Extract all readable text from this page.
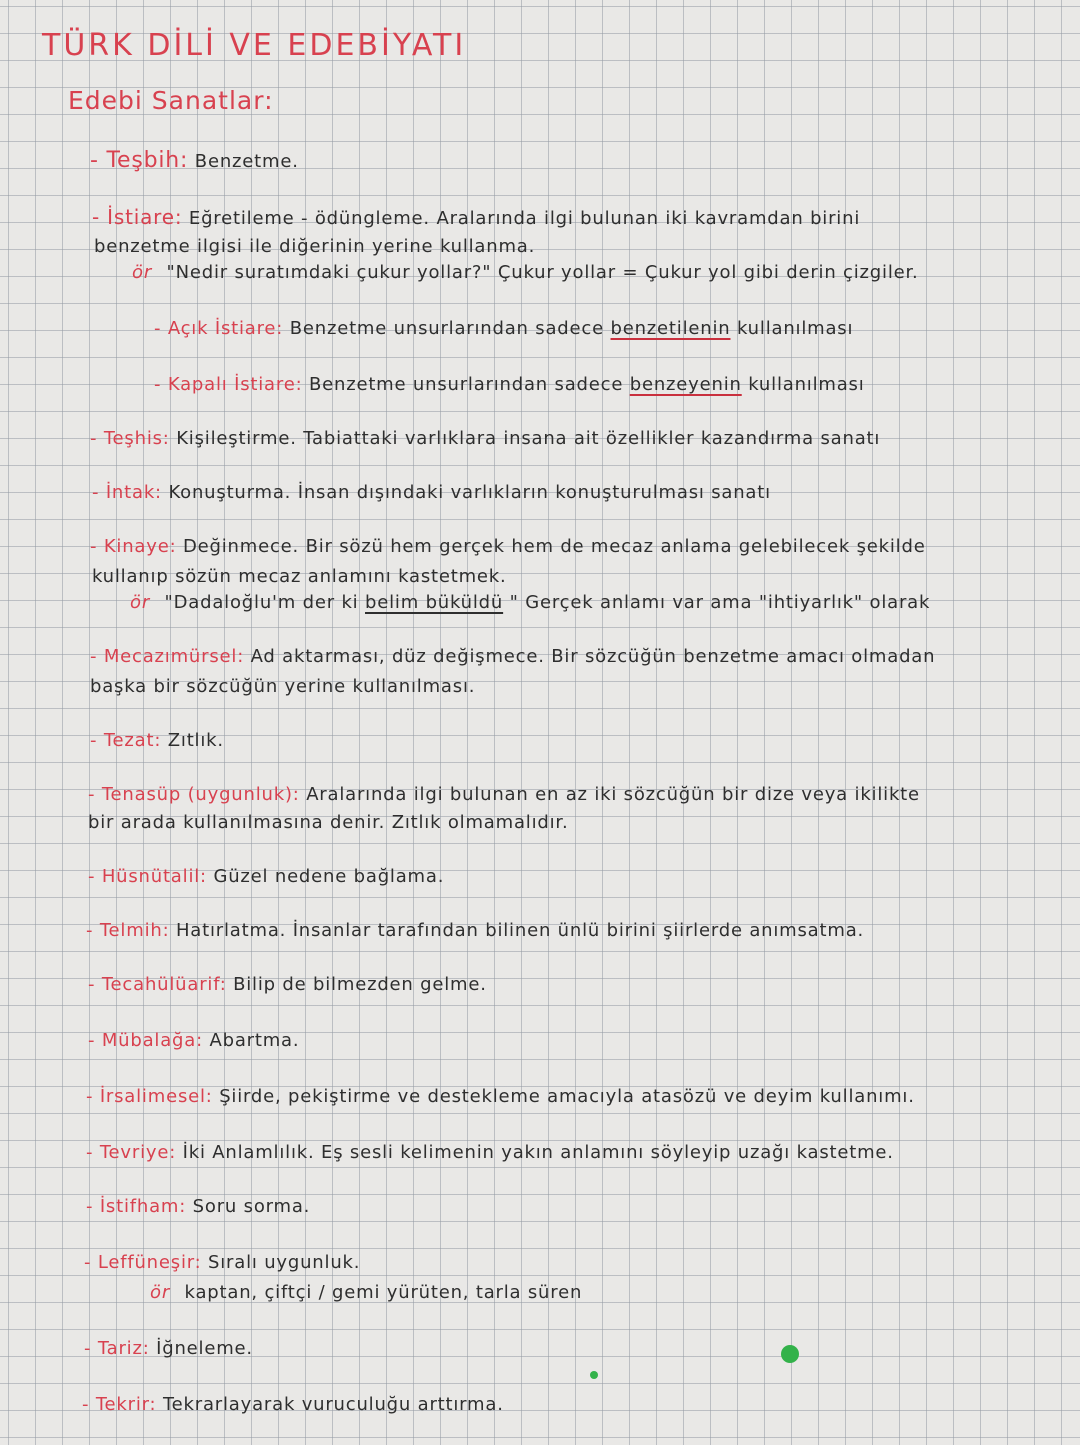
TÜRK DİLİ VE EDEBİYATI
Edebi Sanatlar:
- Teşbih: Benzetme.
- İstiare: Eğretileme - ödüngleme. Aralarında ilgi bulunan iki kavramdan birini
benzetme ilgisi ile diğerinin yerine kullanma.
ör "Nedir suratımdaki çukur yollar?" Çukur yollar = Çukur yol gibi derin çizgiler.
- Açık İstiare: Benzetme unsurlarından sadece benzetilenin kullanılması
- Kapalı İstiare: Benzetme unsurlarından sadece benzeyenin kullanılması
- Teşhis: Kişileştirme. Tabiattaki varlıklara insana ait özellikler kazandırma sanatı
- İntak: Konuşturma. İnsan dışındaki varlıkların konuşturulması sanatı
- Kinaye: Değinmece. Bir sözü hem gerçek hem de mecaz anlama gelebilecek şekilde
kullanıp sözün mecaz anlamını kastetmek.
ör "Dadaloğlu'm der ki belim büküldü " Gerçek anlamı var ama "ihtiyarlık" olarak
- Mecazımürsel: Ad aktarması, düz değişmece. Bir sözcüğün benzetme amacı olmadan
başka bir sözcüğün yerine kullanılması.
- Tezat: Zıtlık.
- Tenasüp (uygunluk): Aralarında ilgi bulunan en az iki sözcüğün bir dize veya ikilikte
bir arada kullanılmasına denir. Zıtlık olmamalıdır.
- Hüsnütalil: Güzel nedene bağlama.
- Telmih: Hatırlatma. İnsanlar tarafından bilinen ünlü birini şiirlerde anımsatma.
- Tecahülüarif: Bilip de bilmezden gelme.
- Mübalağa: Abartma.
- İrsalimesel: Şiirde, pekiştirme ve destekleme amacıyla atasözü ve deyim kullanımı.
- Tevriye: İki Anlamlılık. Eş sesli kelimenin yakın anlamını söyleyip uzağı kastetme.
- İstifham: Soru sorma.
- Leffüneşir: Sıralı uygunluk.
ör kaptan, çiftçi / gemi yürüten, tarla süren
- Tariz: İğneleme.
- Tekrir: Tekrarlayarak vuruculuğu arttırma.
